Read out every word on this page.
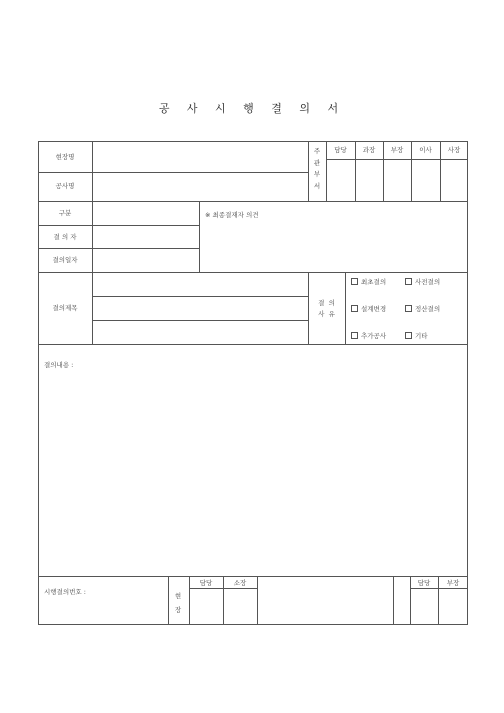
공 사 시 행 결 의 서
현장명
공사명
주
관
부
서
담당	과장	부장	이사	사장
구분
결 의 자
결의일자
※ 최종결재자 의견
결의제목
결 의
사 유
최초결의	사전결의
설계변경	정산결의
추가공사	기타
결의내용 :
시행결의번호 :	현
장
담당	소장	담당	부장
